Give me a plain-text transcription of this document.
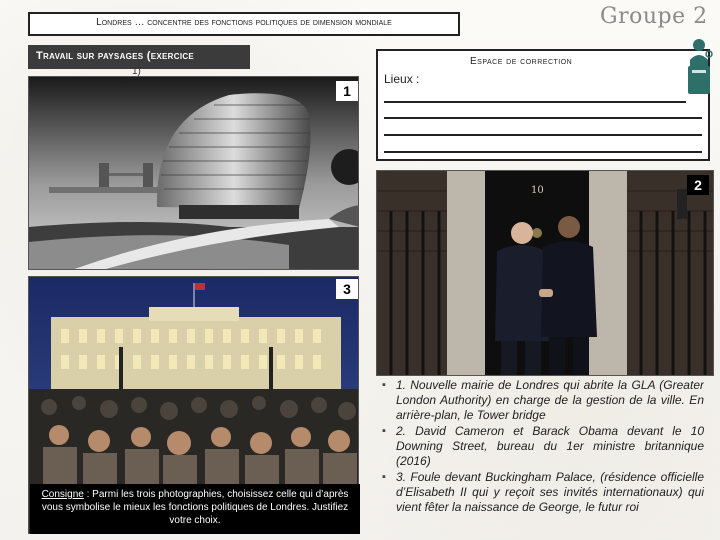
Londres … concentre des fonctions politiques de dimension mondiale	Groupe 2
Travail sur paysages (exercice
1)
Espace de correction
Lieux :
1
10	2
3
Consigne : Parmi les trois photographies, choisissez celle qui d’après vous symbolise le mieux les fonctions politiques de Londres. Justifiez votre choix.
▪ 1. Nouvelle mairie de Londres qui abrite la GLA (Greater London Authority) en charge de la gestion de la ville. En arrière-plan, le Tower bridge
▪ 2. David Cameron et Barack Obama devant le 10 Downing Street, bureau du 1er ministre britannique (2016)
▪ 3. Foule devant Buckingham Palace, (résidence officielle d’Elisabeth II qui y reçoit ses invités internationaux) qui vient fêter la naissance de George, le futur roi
